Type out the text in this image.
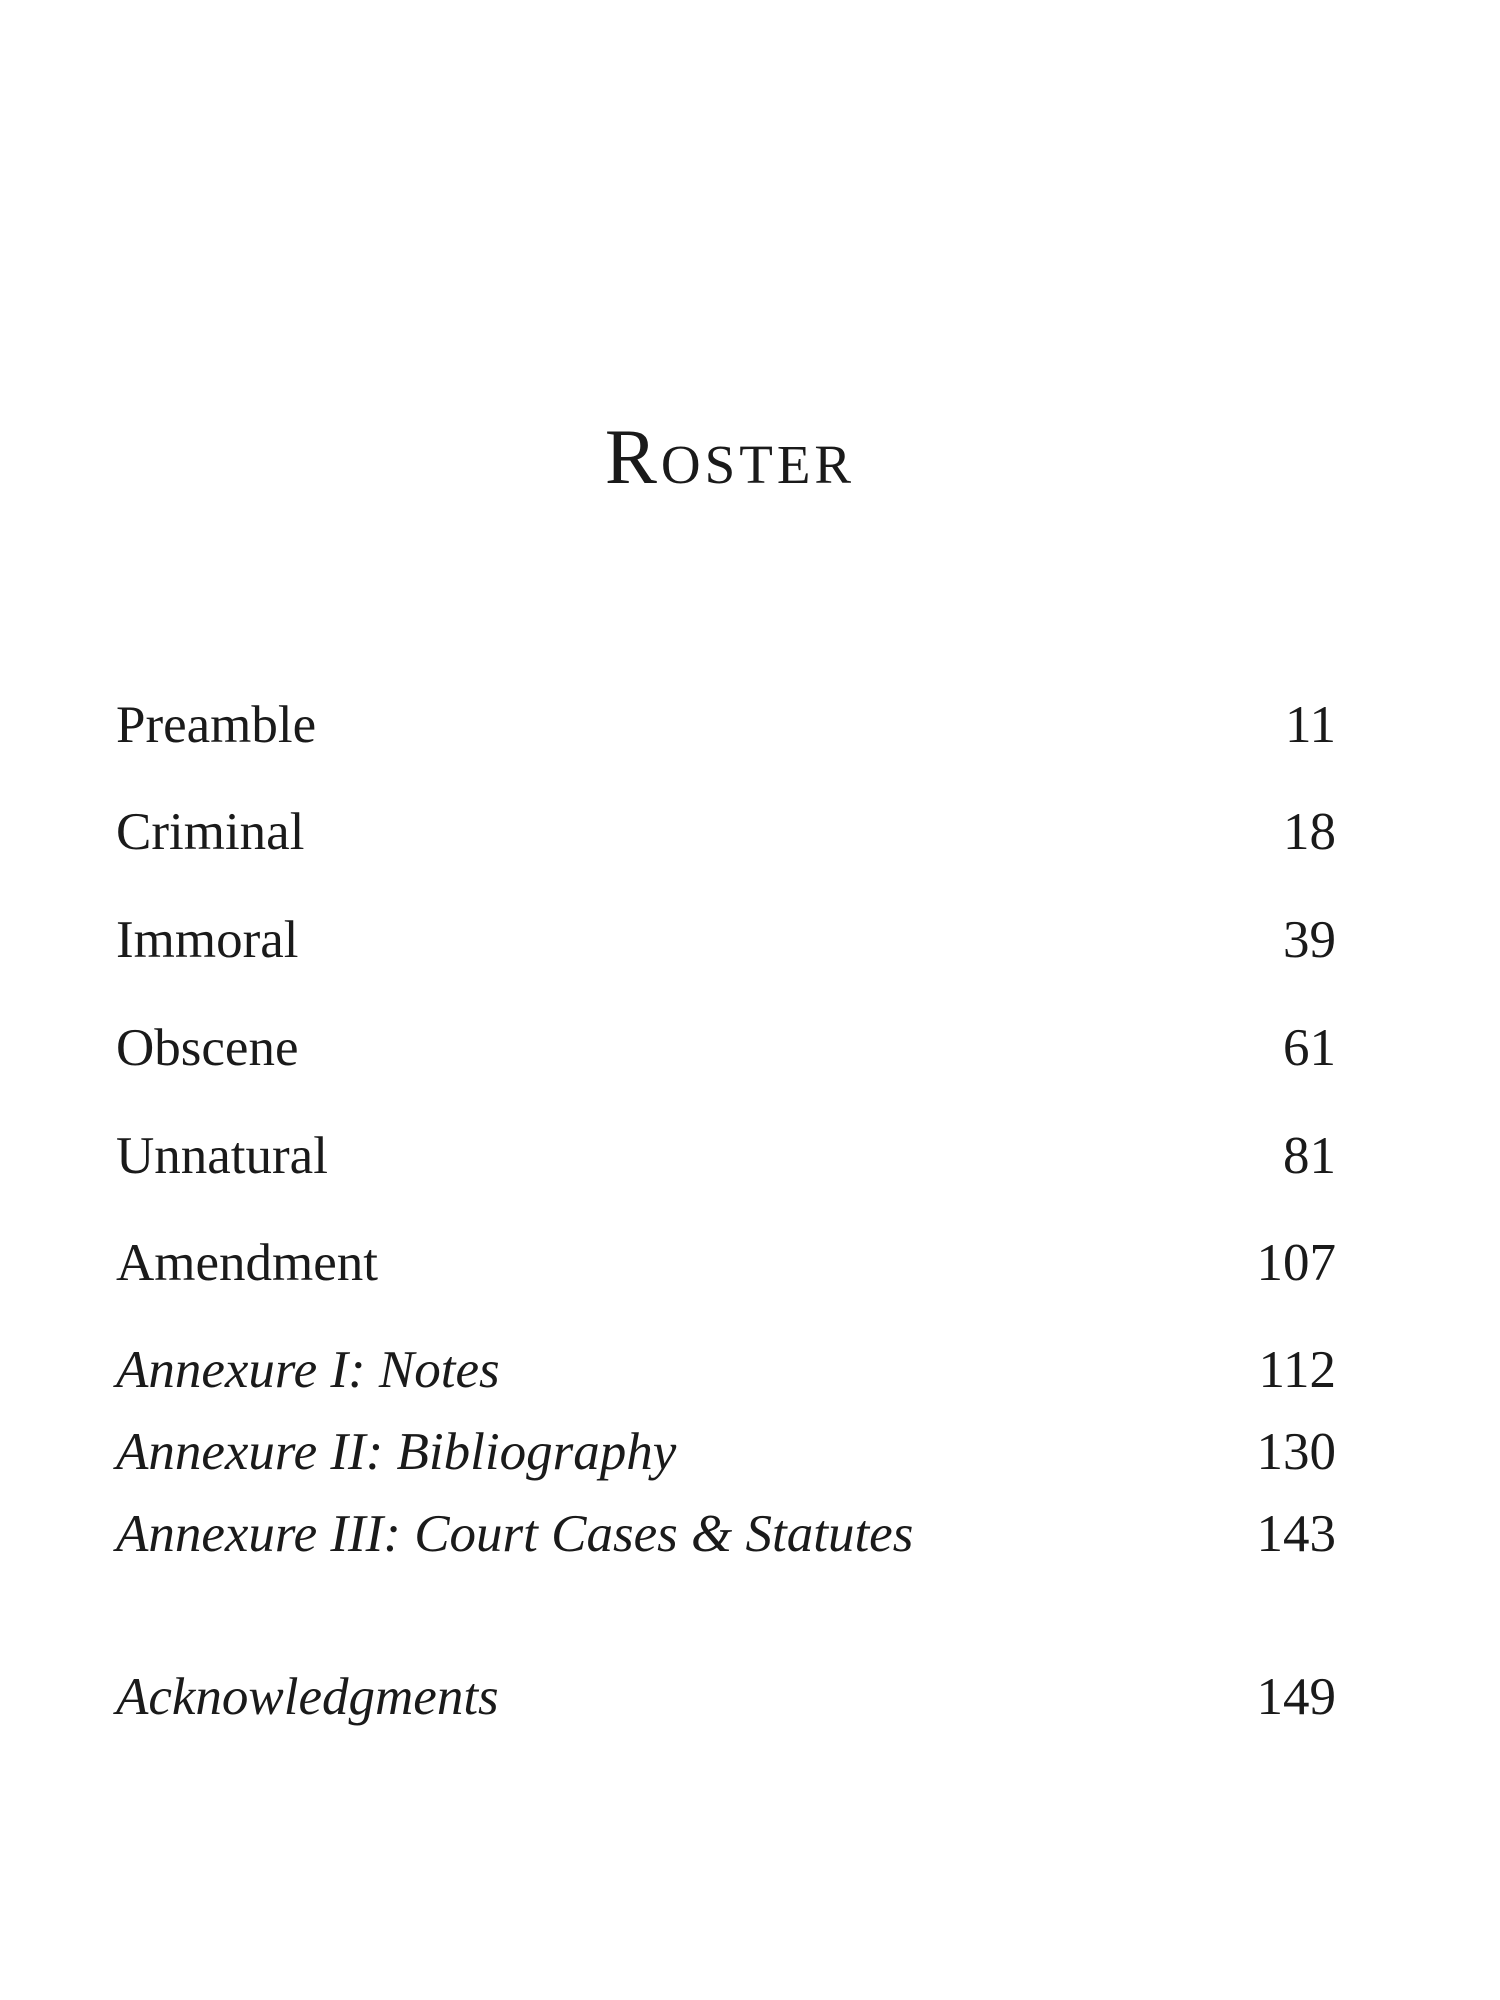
Roster
Preamble	11
Criminal	18
Immoral	39
Obscene	61
Unnatural	81
Amendment	107
Annexure I: Notes	112
Annexure II: Bibliography	130
Annexure III: Court Cases & Statutes	143
Acknowledgments	149
